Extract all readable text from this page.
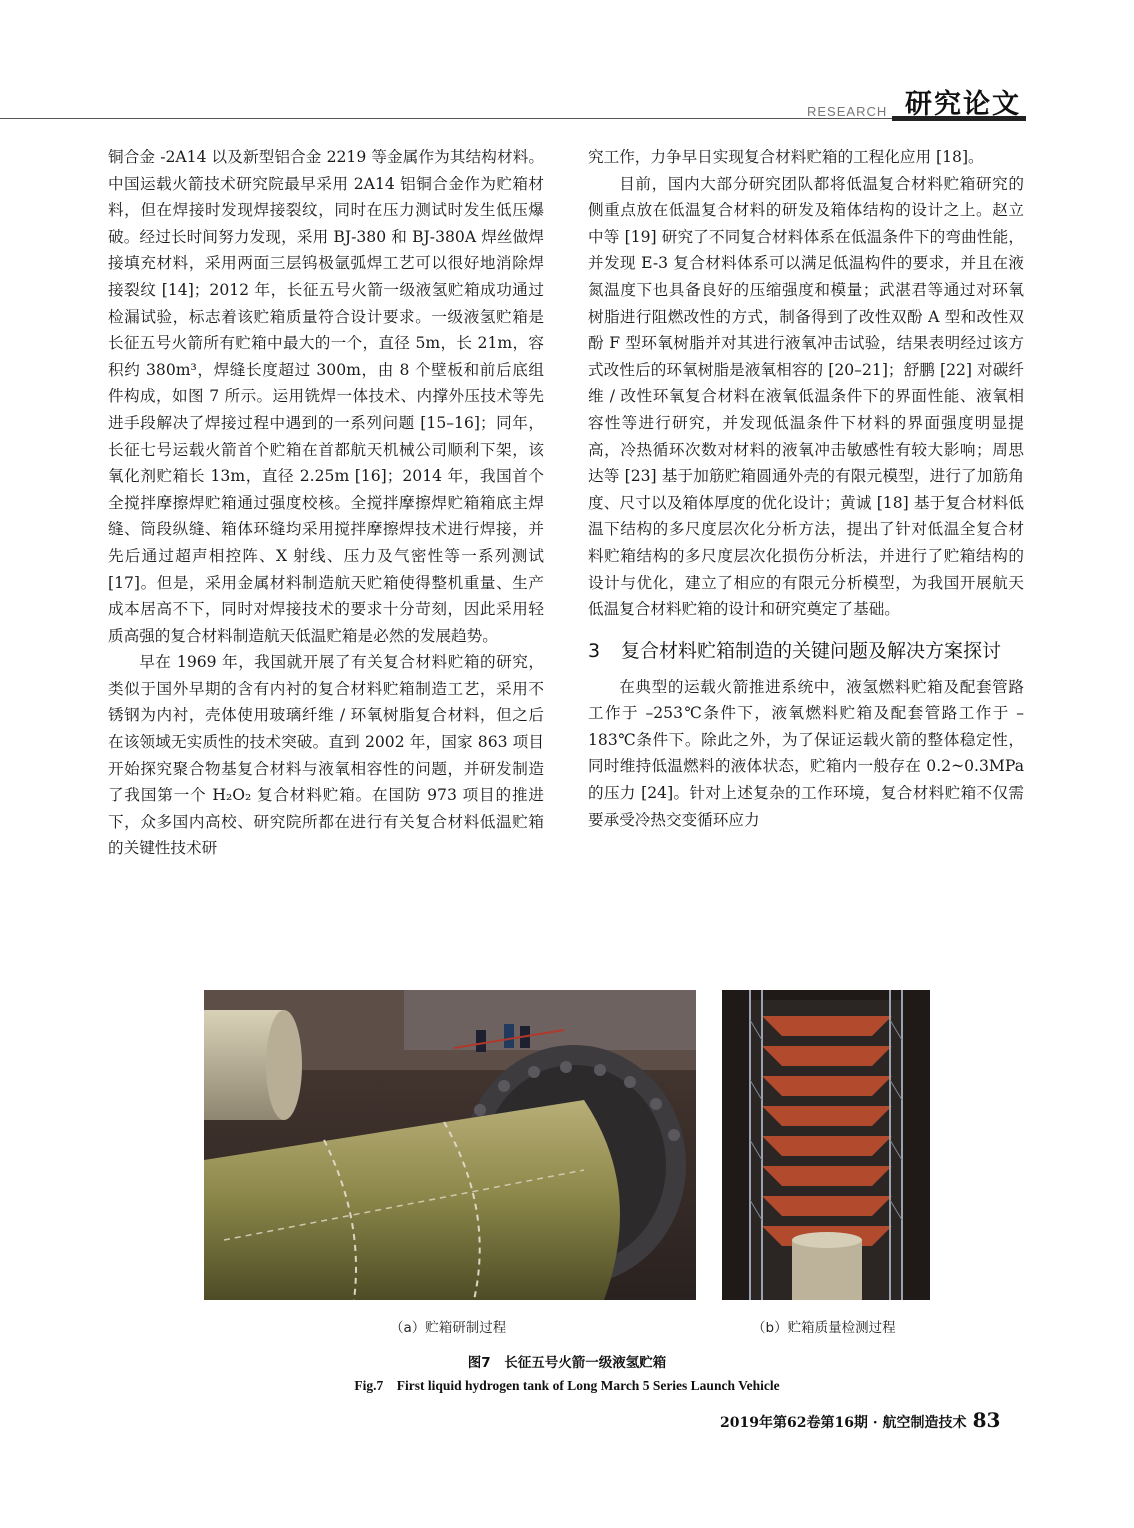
RESEARCH 研究论文

铜合金 -2A14 以及新型铝合金 2219 等金属作为其结构材料。中国运载火箭技术研究院最早采用 2A14 铝铜合金作为贮箱材料，但在焊接时发现焊接裂纹，同时在压力测试时发生低压爆破。经过长时间努力发现，采用 BJ-380 和 BJ-380A 焊丝做焊接填充材料，采用两面三层钨极氩弧焊工艺可以很好地消除焊接裂纹 [14]；2012 年，长征五号火箭一级液氢贮箱成功通过检漏试验，标志着该贮箱质量符合设计要求。一级液氢贮箱是长征五号火箭所有贮箱中最大的一个，直径 5m，长 21m，容积约 380m³，焊缝长度超过 300m，由 8 个壁板和前后底组件构成，如图 7 所示。运用铣焊一体技术、内撑外压技术等先进手段解决了焊接过程中遇到的一系列问题 [15–16]；同年，长征七号运载火箭首个贮箱在首都航天机械公司顺利下架，该氧化剂贮箱长 13m，直径 2.25m [16]；2014 年，我国首个全搅拌摩擦焊贮箱通过强度校核。全搅拌摩擦焊贮箱箱底主焊缝、筒段纵缝、箱体环缝均采用搅拌摩擦焊技术进行焊接，并先后通过超声相控阵、X 射线、压力及气密性等一系列测试 [17]。但是，采用金属材料制造航天贮箱使得整机重量、生产成本居高不下，同时对焊接技术的要求十分苛刻，因此采用轻质高强的复合材料制造航天低温贮箱是必然的发展趋势。

早在 1969 年，我国就开展了有关复合材料贮箱的研究，类似于国外早期的含有内衬的复合材料贮箱制造工艺，采用不锈钢为内衬，壳体使用玻璃纤维 / 环氧树脂复合材料，但之后在该领域无实质性的技术突破。直到 2002 年，国家 863 项目开始探究聚合物基复合材料与液氧相容性的问题，并研发制造了我国第一个 H₂O₂ 复合材料贮箱。在国防 973 项目的推进下，众多国内高校、研究院所都在进行有关复合材料低温贮箱的关键性技术研

究工作，力争早日实现复合材料贮箱的工程化应用 [18]。

目前，国内大部分研究团队都将低温复合材料贮箱研究的侧重点放在低温复合材料的研发及箱体结构的设计之上。赵立中等 [19] 研究了不同复合材料体系在低温条件下的弯曲性能，并发现 E-3 复合材料体系可以满足低温构件的要求，并且在液氮温度下也具备良好的压缩强度和模量；武湛君等通过对环氧树脂进行阻燃改性的方式，制备得到了改性双酚 A 型和改性双酚 F 型环氧树脂并对其进行液氧冲击试验，结果表明经过该方式改性后的环氧树脂是液氧相容的 [20–21]；舒鹏 [22] 对碳纤维 / 改性环氧复合材料在液氧低温条件下的界面性能、液氧相容性等进行研究，并发现低温条件下材料的界面强度明显提高，冷热循环次数对材料的液氧冲击敏感性有较大影响；周思达等 [23] 基于加筋贮箱圆通外壳的有限元模型，进行了加筋角度、尺寸以及箱体厚度的优化设计；黄诚 [18] 基于复合材料低温下结构的多尺度层次化分析方法，提出了针对低温全复合材料贮箱结构的多尺度层次化损伤分析法，并进行了贮箱结构的设计与优化，建立了相应的有限元分析模型，为我国开展航天低温复合材料贮箱的设计和研究奠定了基础。

3	复合材料贮箱制造的关键问题及解决方案探讨

在典型的运载火箭推进系统中，液氢燃料贮箱及配套管路工作于 –253℃条件下，液氧燃料贮箱及配套管路工作于 –183℃条件下。除此之外，为了保证运载火箭的整体稳定性，同时维持低温燃料的液体状态，贮箱内一般存在 0.2~0.3MPa 的压力 [24]。针对上述复杂的工作环境，复合材料贮箱不仅需要承受冷热交变循环应力

（a）贮箱研制过程	（b）贮箱质量检测过程
图7　长征五号火箭一级液氢贮箱
Fig.7　First liquid hydrogen tank of Long March 5 Series Launch Vehicle
2019年第62卷第16期 · 航空制造技术 83
